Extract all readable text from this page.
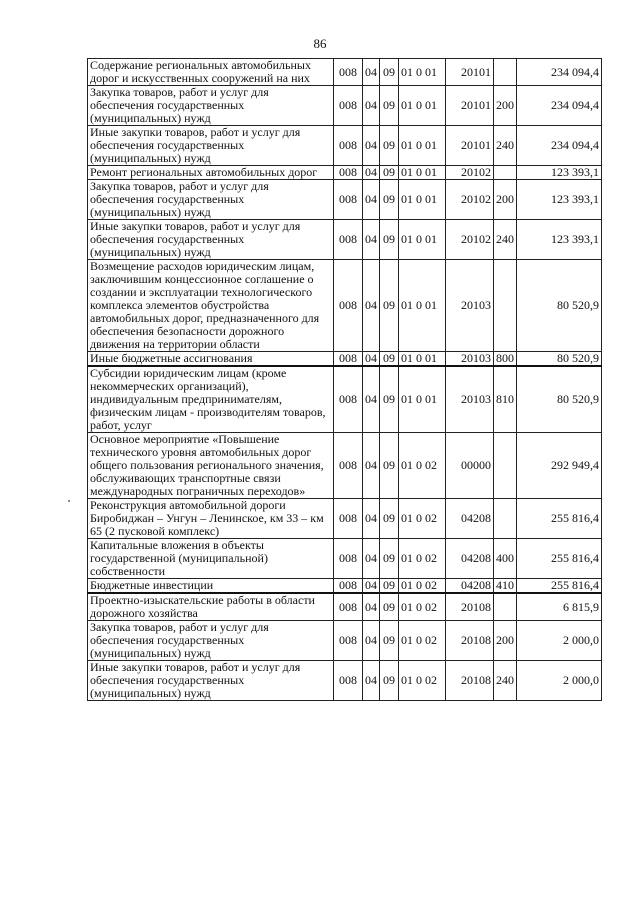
86
Содержание региональных автомобильных дорог и искусственных сооружений на них	008	04	09	01 0 01	20101		234 094,4
Закупка товаров, работ и услуг для обеспечения государственных (муниципальных) нужд	008	04	09	01 0 01	20101	200	234 094,4
Иные закупки товаров, работ и услуг для обеспечения государственных (муниципальных) нужд	008	04	09	01 0 01	20101	240	234 094,4
Ремонт региональных автомобильных дорог	008	04	09	01 0 01	20102		123 393,1
Закупка товаров, работ и услуг для обеспечения государственных (муниципальных) нужд	008	04	09	01 0 01	20102	200	123 393,1
Иные закупки товаров, работ и услуг для обеспечения государственных (муниципальных) нужд	008	04	09	01 0 01	20102	240	123 393,1
Возмещение расходов юридическим лицам, заключившим концессионное соглашение о создании и эксплуатации технологического комплекса элементов обустройства автомобильных дорог, предназначенного для обеспечения безопасности дорожного движения на территории области	008	04	09	01 0 01	20103		80 520,9
Иные бюджетные ассигнования	008	04	09	01 0 01	20103	800	80 520,9
Субсидии юридическим лицам (кроме некоммерческих организаций), индивидуальным предпринимателям, физическим лицам - производителям товаров, работ, услуг	008	04	09	01 0 01	20103	810	80 520,9
Основное мероприятие «Повышение технического уровня автомобильных дорог общего пользования регионального значения, обслуживающих транспортные связи международных пограничных переходов»	008	04	09	01 0 02	00000		292 949,4
Реконструкция автомобильной дороги Биробиджан – Унгун – Ленинское, км 33 – км 65 (2 пусковой комплекс)	008	04	09	01 0 02	04208		255 816,4
Капитальные вложения в объекты государственной (муниципальной) собственности	008	04	09	01 0 02	04208	400	255 816,4
Бюджетные инвестиции	008	04	09	01 0 02	04208	410	255 816,4
Проектно-изыскательские работы в области дорожного хозяйства	008	04	09	01 0 02	20108		6 815,9
Закупка товаров, работ и услуг для обеспечения государственных (муниципальных) нужд	008	04	09	01 0 02	20108	200	2 000,0
Иные закупки товаров, работ и услуг для обеспечения государственных (муниципальных) нужд	008	04	09	01 0 02	20108	240	2 000,0
